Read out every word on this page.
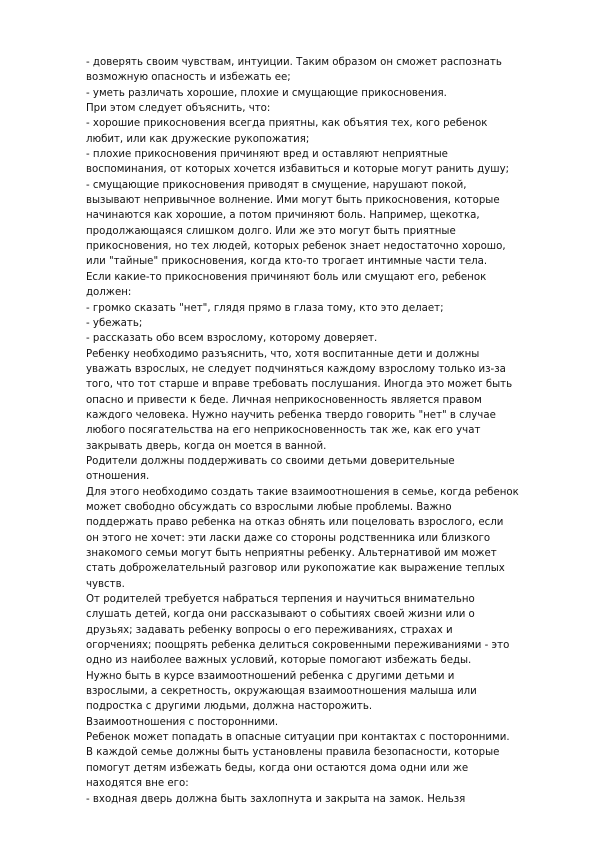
- доверять своим чувствам, интуиции. Таким образом он сможет распознать
возможную опасность и избежать ее;
- уметь различать хорошие, плохие и смущающие прикосновения.
При этом следует объяснить, что:
- хорошие прикосновения всегда приятны, как объятия тех, кого ребенок
любит, или как дружеские рукопожатия;
- плохие прикосновения причиняют вред и оставляют неприятные
воспоминания, от которых хочется избавиться и которые могут ранить душу;
- смущающие прикосновения приводят в смущение, нарушают покой,
вызывают непривычное волнение. Ими могут быть прикосновения, которые
начинаются как хорошие, а потом причиняют боль. Например, щекотка,
продолжающаяся слишком долго. Или же это могут быть приятные
прикосновения, но тех людей, которых ребенок знает недостаточно хорошо,
или "тайные" прикосновения, когда кто-то трогает интимные части тела.
Если какие-то прикосновения причиняют боль или смущают его, ребенок
должен:
- громко сказать "нет", глядя прямо в глаза тому, кто это делает;
- убежать;
- рассказать обо всем взрослому, которому доверяет.
Ребенку необходимо разъяснить, что, хотя воспитанные дети и должны
уважать взрослых, не следует подчиняться каждому взрослому только из-за
того, что тот старше и вправе требовать послушания. Иногда это может быть
опасно и привести к беде. Личная неприкосновенность является правом
каждого человека. Нужно научить ребенка твердо говорить "нет" в случае
любого посягательства на его неприкосновенность так же, как его учат
закрывать дверь, когда он моется в ванной.
Родители должны поддерживать со своими детьми доверительные
отношения.
Для этого необходимо создать такие взаимоотношения в семье, когда ребенок
может свободно обсуждать со взрослыми любые проблемы. Важно
поддержать право ребенка на отказ обнять или поцеловать взрослого, если
он этого не хочет: эти ласки даже со стороны родственника или близкого
знакомого семьи могут быть неприятны ребенку. Альтернативой им может
стать доброжелательный разговор или рукопожатие как выражение теплых
чувств.
От родителей требуется набраться терпения и научиться внимательно
слушать детей, когда они рассказывают о событиях своей жизни или о
друзьях; задавать ребенку вопросы о его переживаниях, страхах и
огорчениях; поощрять ребенка делиться сокровенными переживаниями - это
одно из наиболее важных условий, которые помогают избежать беды.
Нужно быть в курсе взаимоотношений ребенка с другими детьми и
взрослыми, а секретность, окружающая взаимоотношения малыша или
подростка с другими людьми, должна насторожить.
Взаимоотношения с посторонними.
Ребенок может попадать в опасные ситуации при контактах с посторонними.
В каждой семье должны быть установлены правила безопасности, которые
помогут детям избежать беды, когда они остаются дома одни или же
находятся вне его:
- входная дверь должна быть захлопнута и закрыта на замок. Нельзя
